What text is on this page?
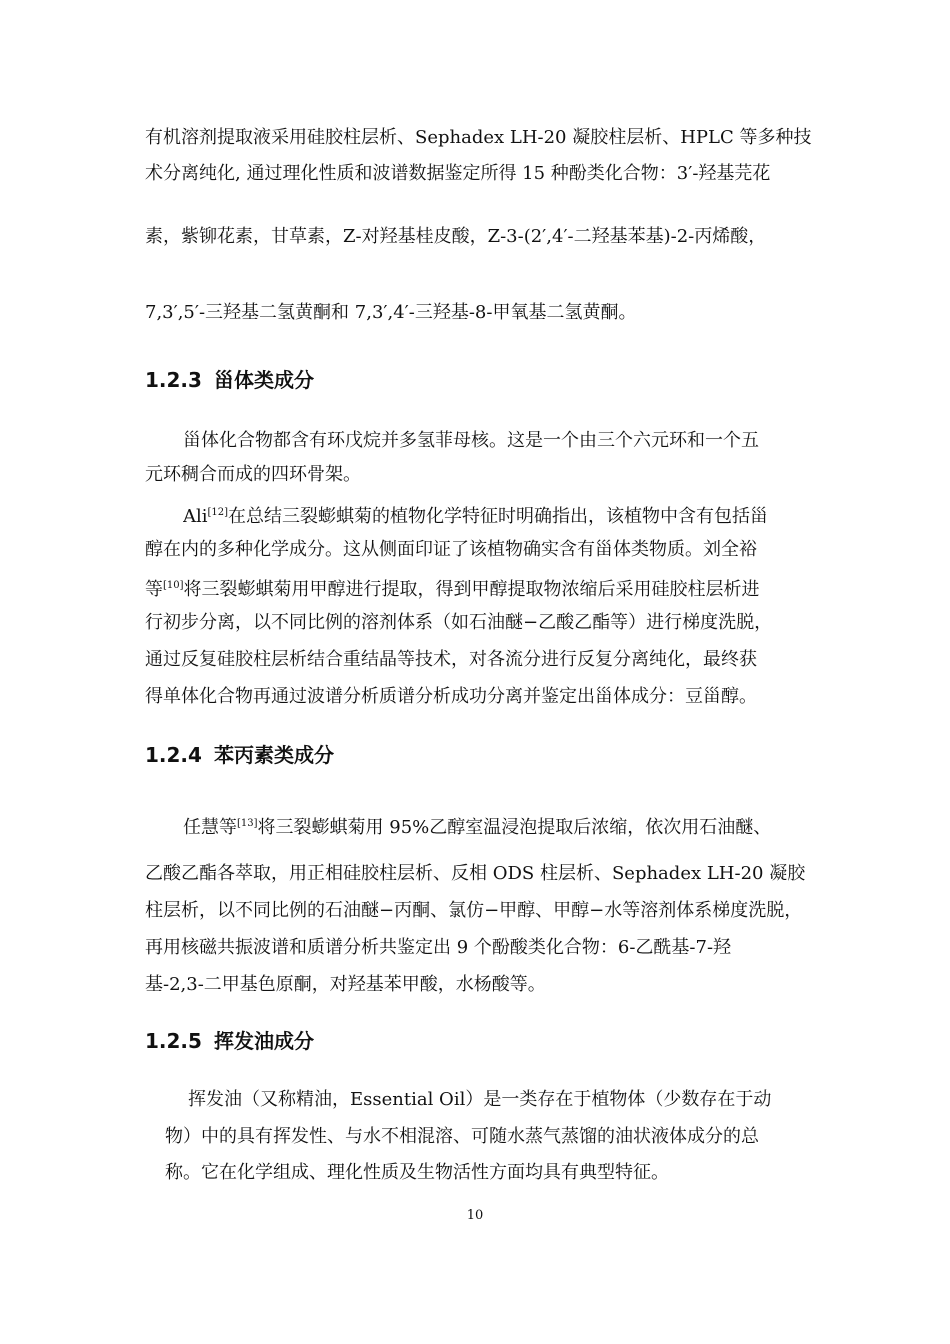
有机溶剂提取液采用硅胶柱层析、Sephadex LH-20 凝胶柱层析、HPLC 等多种技
术分离纯化, 通过理化性质和波谱数据鉴定所得 15 种酚类化合物：3′-羟基芫花
素，紫铆花素，甘草素，Z-对羟基桂皮酸，Z-3-(2′,4′-二羟基苯基)-2-丙烯酸，
7,3′,5′-三羟基二氢黄酮和 7,3′,4′-三羟基-8-甲氧基二氢黄酮。
1.2.3 甾体类成分
甾体化合物都含有环戊烷并多氢菲母核。这是一个由三个六元环和一个五
元环稠合而成的四环骨架。
Ali[12]在总结三裂蟛蜞菊的植物化学特征时明确指出，该植物中含有包括甾
醇在内的多种化学成分。这从侧面印证了该植物确实含有甾体类物质。刘全裕
等[10]将三裂蟛蜞菊用甲醇进行提取，得到甲醇提取物浓缩后采用硅胶柱层析进
行初步分离，以不同比例的溶剂体系（如石油醚−乙酸乙酯等）进行梯度洗脱，
通过反复硅胶柱层析结合重结晶等技术，对各流分进行反复分离纯化，最终获
得单体化合物再通过波谱分析质谱分析成功分离并鉴定出甾体成分：豆甾醇。
1.2.4 苯丙素类成分
任慧等[13]将三裂蟛蜞菊用 95%乙醇室温浸泡提取后浓缩，依次用石油醚、
乙酸乙酯各萃取，用正相硅胶柱层析、反相 ODS 柱层析、Sephadex LH-20 凝胶
柱层析，以不同比例的石油醚−丙酮、氯仿−甲醇、甲醇−水等溶剂体系梯度洗脱，
再用核磁共振波谱和质谱分析共鉴定出 9 个酚酸类化合物：6-乙酰基-7-羟
基-2,3-二甲基色原酮，对羟基苯甲酸，水杨酸等。
1.2.5 挥发油成分
挥发油（又称精油，Essential Oil）是一类存在于植物体（少数存在于动
物）中的具有挥发性、与水不相混溶、可随水蒸气蒸馏的油状液体成分的总
称。它在化学组成、理化性质及生物活性方面均具有典型特征。
10
